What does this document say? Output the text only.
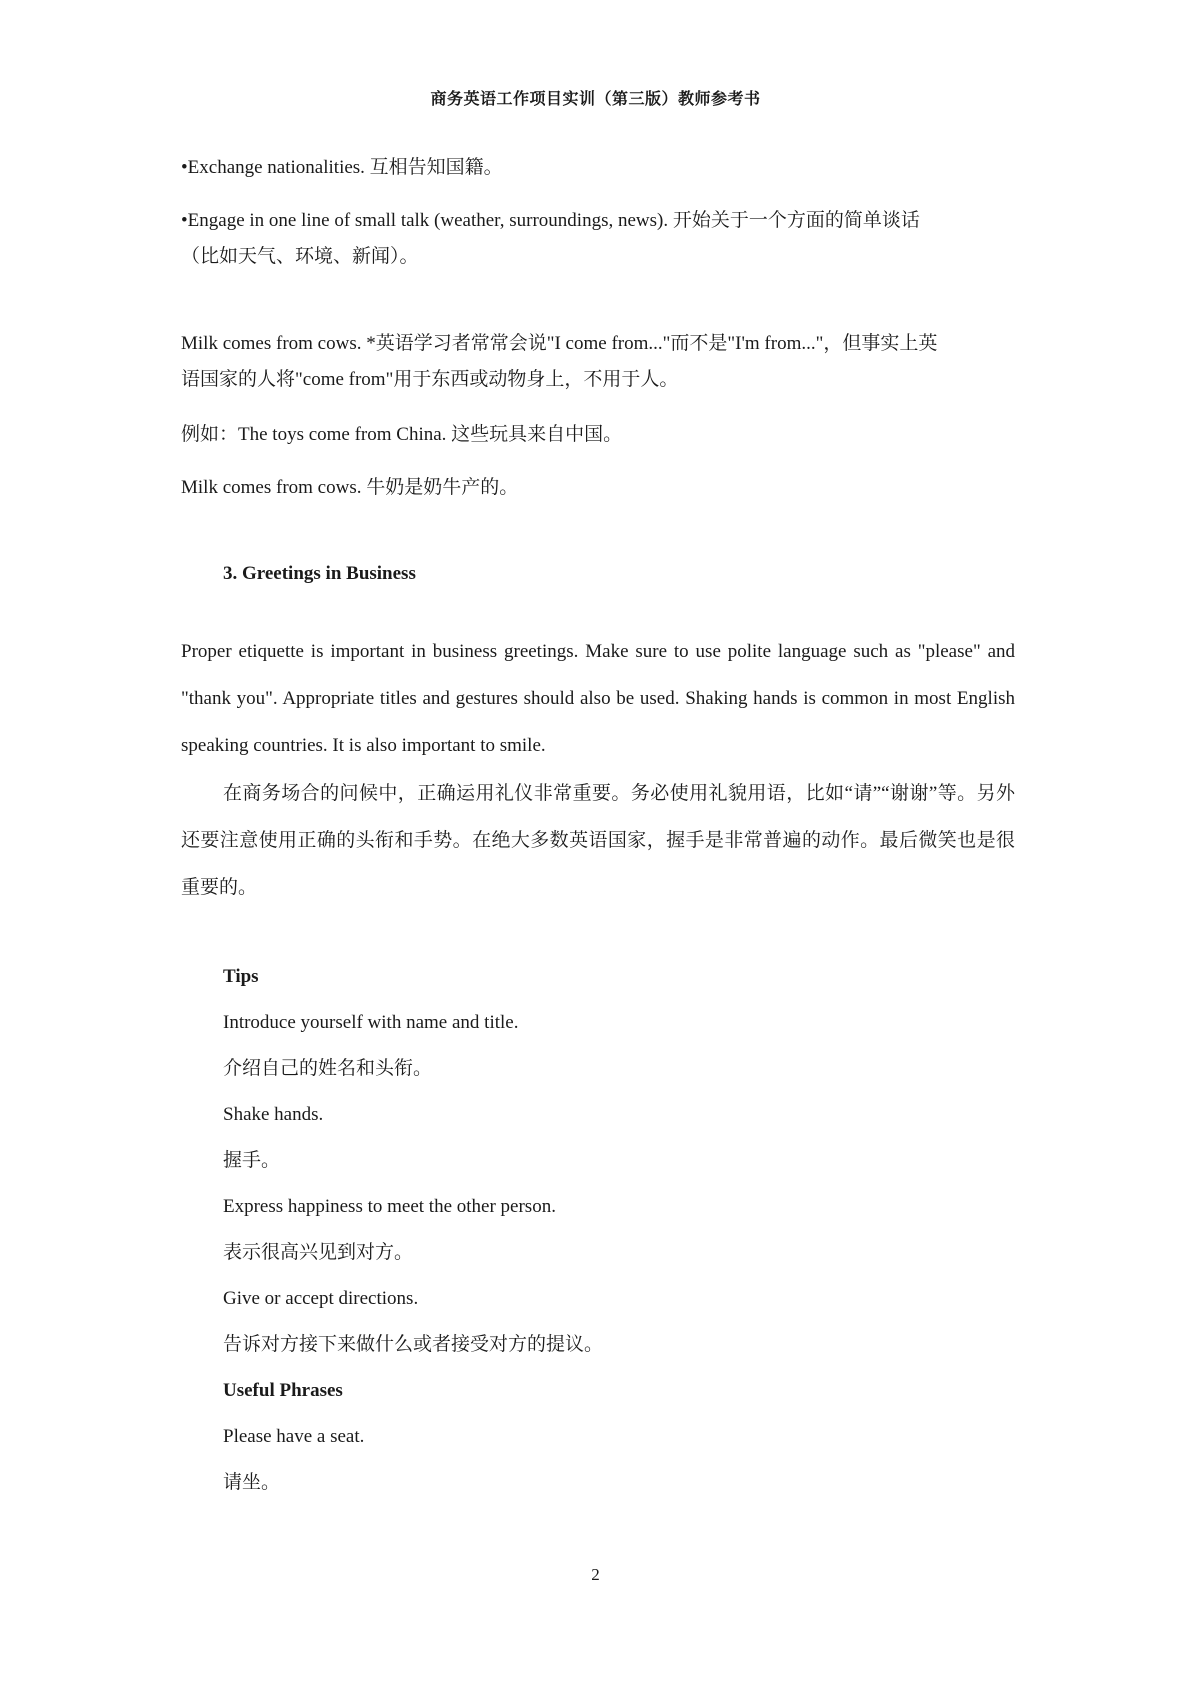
商务英语工作项目实训（第三版）教师参考书
•Exchange nationalities. 互相告知国籍。
•Engage in one line of small talk (weather, surroundings, news). 开始关于一个方面的简单谈话
（比如天气、环境、新闻）。
Milk comes from cows. *英语学习者常常会说"I come from..."而不是"I'm from..."，但事实上英
语国家的人将"come from"用于东西或动物身上，不用于人。
例如：The toys come from China. 这些玩具来自中国。
Milk comes from cows. 牛奶是奶牛产的。
3. Greetings in Business
Proper etiquette is important in business greetings. Make sure to use polite language such as "please" and "thank you". Appropriate titles and gestures should also be used. Shaking hands is common in most English speaking countries. It is also important to smile.
在商务场合的问候中，正确运用礼仪非常重要。务必使用礼貌用语，比如“请”“谢谢”等。另外还要注意使用正确的头衔和手势。在绝大多数英语国家，握手是非常普遍的动作。最后微笑也是很重要的。
Tips
Introduce yourself with name and title.
介绍自己的姓名和头衔。
Shake hands.
握手。
Express happiness to meet the other person.
表示很高兴见到对方。
Give or accept directions.
告诉对方接下来做什么或者接受对方的提议。
Useful Phrases
Please have a seat.
请坐。
2
